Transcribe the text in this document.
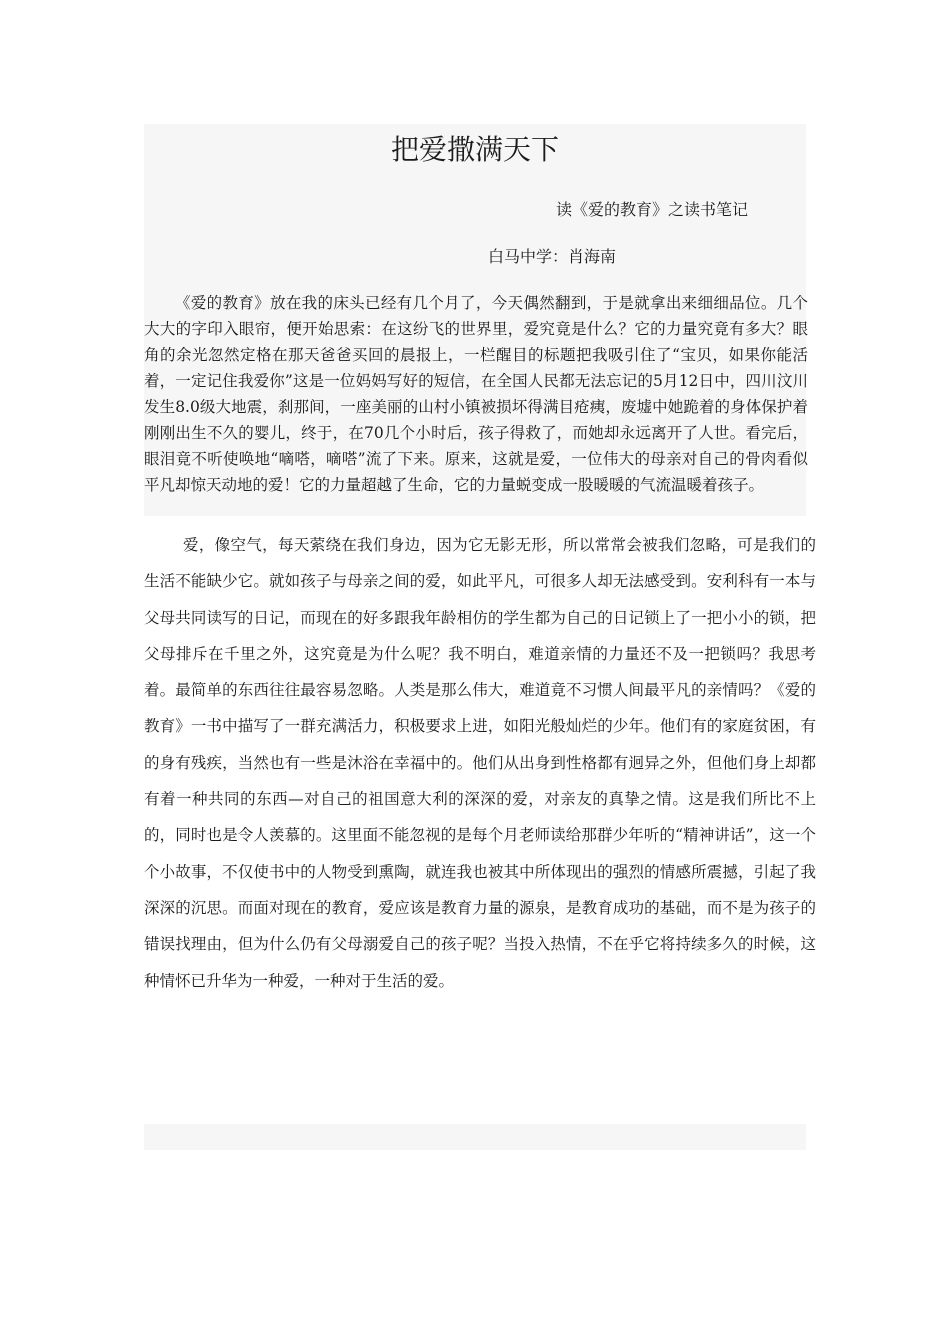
把爱撒满天下
读《爱的教育》之读书笔记
白马中学：肖海南

《爱的教育》放在我的床头已经有几个月了，今天偶然翻到，于是就拿出来细细品位。几个大大的字印入眼帘，便开始思索：在这纷飞的世界里，爱究竟是什么？它的力量究竟有多大？眼角的余光忽然定格在那天爸爸买回的晨报上，一栏醒目的标题把我吸引住了“宝贝，如果你能活着，一定记住我爱你”这是一位妈妈写好的短信，在全国人民都无法忘记的5月12日中，四川汶川发生8.0级大地震，刹那间，一座美丽的山村小镇被损坏得满目疮痍，废墟中她跪着的身体保护着刚刚出生不久的婴儿，终于，在70几个小时后，孩子得救了，而她却永远离开了人世。看完后，眼泪竟不听使唤地“嘀嗒，嘀嗒”流了下来。原来，这就是爱，一位伟大的母亲对自己的骨肉看似平凡却惊天动地的爱！它的力量超越了生命，它的力量蜕变成一股暖暖的气流温暖着孩子。

爱，像空气，每天萦绕在我们身边，因为它无影无形，所以常常会被我们忽略，可是我们的生活不能缺少它。就如孩子与母亲之间的爱，如此平凡，可很多人却无法感受到。安利科有一本与父母共同读写的日记，而现在的好多跟我年龄相仿的学生都为自己的日记锁上了一把小小的锁，把父母排斥在千里之外，这究竟是为什么呢？我不明白，难道亲情的力量还不及一把锁吗？我思考着。最简单的东西往往最容易忽略。人类是那么伟大，难道竟不习惯人间最平凡的亲情吗？《爱的教育》一书中描写了一群充满活力，积极要求上进，如阳光般灿烂的少年。他们有的家庭贫困，有的身有残疾，当然也有一些是沐浴在幸福中的。他们从出身到性格都有迥异之外，但他们身上却都有着一种共同的东西—对自己的祖国意大利的深深的爱，对亲友的真挚之情。这是我们所比不上的，同时也是令人羡慕的。这里面不能忽视的是每个月老师读给那群少年听的“精神讲话”，这一个个小故事，不仅使书中的人物受到熏陶，就连我也被其中所体现出的强烈的情感所震撼，引起了我深深的沉思。而面对现在的教育，爱应该是教育力量的源泉，是教育成功的基础，而不是为孩子的错误找理由，但为什么仍有父母溺爱自己的孩子呢？当投入热情，不在乎它将持续多久的时候，这种情怀已升华为一种爱，一种对于生活的爱。
